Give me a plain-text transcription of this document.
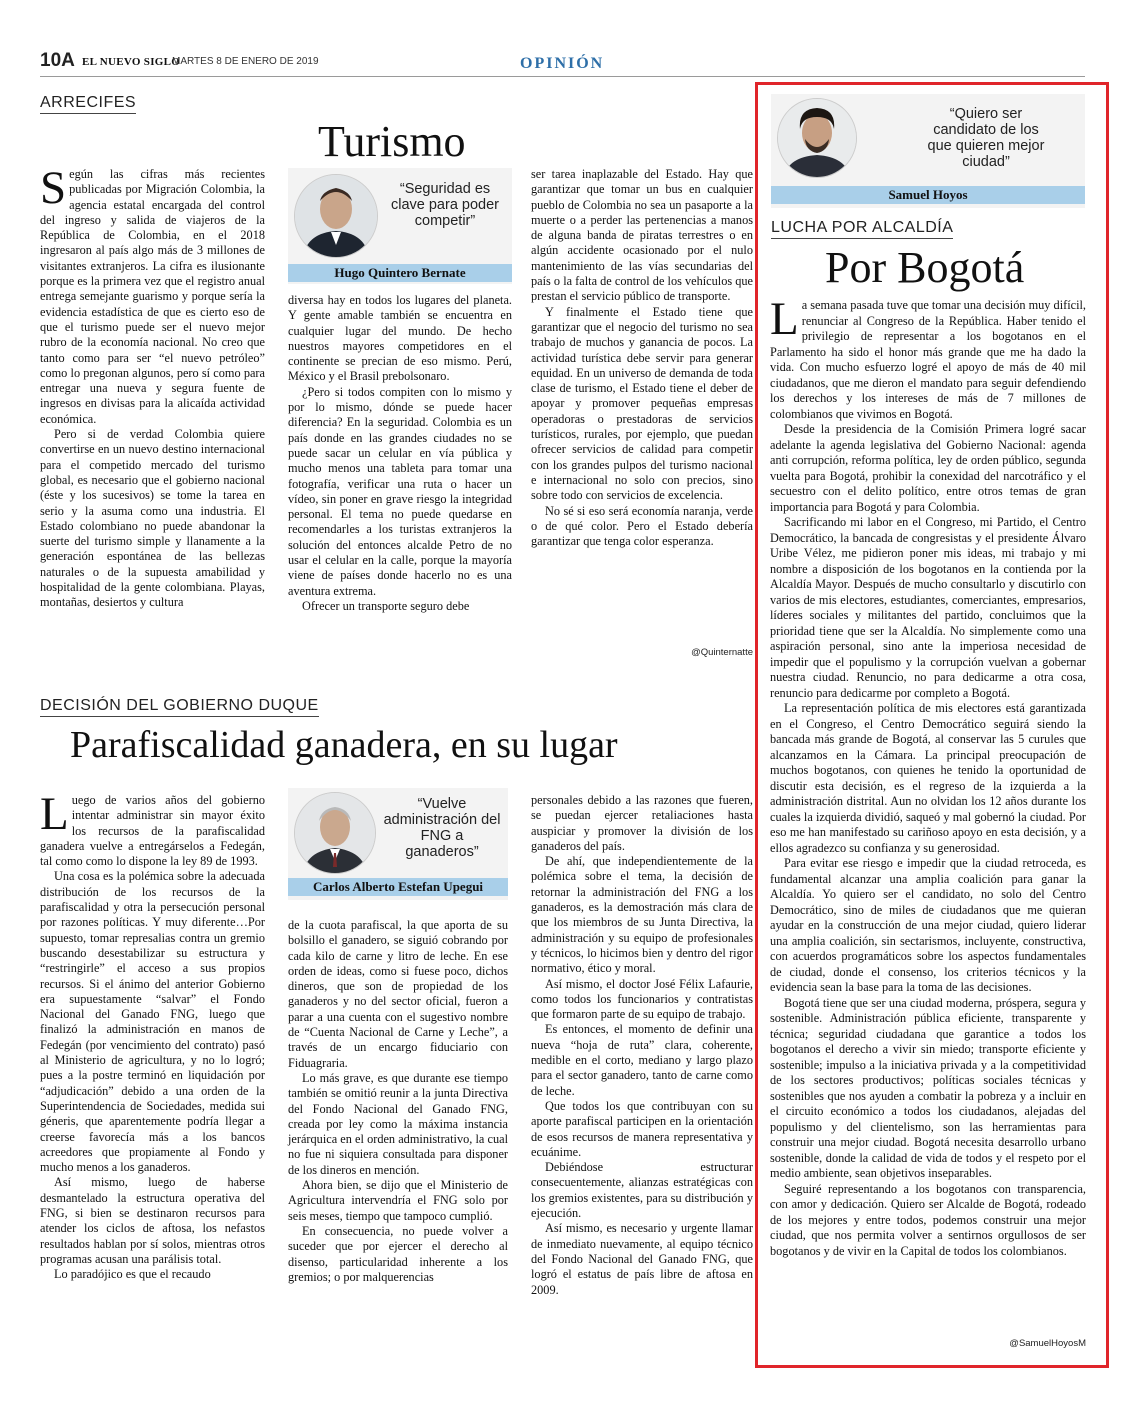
10A EL NUEVO SIGLO
MARTES 8 DE ENERO DE 2019	OPINIÓN
ARRECIFES
Turismo
“Seguridad es clave para poder competir”
Hugo Quintero Bernate

Según las cifras más recientes publicadas por Migración Colombia, la agencia estatal encargada del control del ingreso y salida de viajeros de la República de Colombia, en el 2018 ingresaron al país algo más de 3 millones de visitantes extranjeros. La cifra es ilusionante porque es la primera vez que el registro anual entrega semejante guarismo y porque sería la evidencia estadística de que es cierto eso de que el turismo puede ser el nuevo mejor rubro de la economía nacional. No creo que tanto como para ser “el nuevo petróleo” como lo pregonan algunos, pero sí como para entregar una nueva y segura fuente de ingresos en divisas para la alicaída actividad económica.

Pero si de verdad Colombia quiere convertirse en un nuevo destino internacional para el competido mercado del turismo global, es necesario que el gobierno nacional (éste y los sucesivos) se tome la tarea en serio y la asuma como una industria. El Estado colombiano no puede abandonar la suerte del turismo simple y llanamente a la generación espontánea de las bellezas naturales o de la supuesta amabilidad y hospitalidad de la gente colombiana. Playas, montañas, desiertos y cultura

diversa hay en todos los lugares del planeta. Y gente amable también se encuentra en cualquier lugar del mundo. De hecho nuestros mayores competidores en el continente se precian de eso mismo. Perú, México y el Brasil prebolsonaro.

¿Pero si todos compiten con lo mismo y por lo mismo, dónde se puede hacer diferencia? En la seguridad. Colombia es un país donde en las grandes ciudades no se puede sacar un celular en vía pública y mucho menos una tableta para tomar una fotografía, verificar una ruta o hacer un vídeo, sin poner en grave riesgo la integridad personal. El tema no puede quedarse en recomendarles a los turistas extranjeros la solución del entonces alcalde Petro de no usar el celular en la calle, porque la mayoría viene de países donde hacerlo no es una aventura extrema.

Ofrecer un transporte seguro debe

ser tarea inaplazable del Estado. Hay que garantizar que tomar un bus en cualquier pueblo de Colombia no sea un pasaporte a la muerte o a perder las pertenencias a manos de alguna banda de piratas terrestres o en algún accidente ocasionado por el nulo mantenimiento de las vías secundarias del país o la falta de control de los vehículos que prestan el servicio público de transporte.

Y finalmente el Estado tiene que garantizar que el negocio del turismo no sea trabajo de muchos y ganancia de pocos. La actividad turística debe servir para generar equidad. En un universo de demanda de toda clase de turismo, el Estado tiene el deber de apoyar y promover pequeñas empresas operadoras o prestadoras de servicios turísticos, rurales, por ejemplo, que puedan ofrecer servicios de calidad para competir con los grandes pulpos del turismo nacional e internacional no solo con precios, sino sobre todo con servicios de excelencia.

No sé si eso será economía naranja, verde o de qué color. Pero el Estado debería garantizar que tenga color esperanza.

@Quinternatte
DECISIÓN DEL GOBIERNO DUQUE
Parafiscalidad ganadera, en su lugar
“Vuelve administración del FNG a ganaderos”
Carlos Alberto Estefan Upegui

Luego de varios años del gobierno intentar administrar sin mayor éxito los recursos de la parafiscalidad ganadera vuelve a entregárselos a Fedegán, tal como como lo dispone la ley 89 de 1993.

Una cosa es la polémica sobre la adecuada distribución de los recursos de la parafiscalidad y otra la persecución personal por razones políticas. Y muy diferente…Por supuesto, tomar represalias contra un gremio buscando desestabilizar su estructura y “restringirle” el acceso a sus propios recursos. Si el ánimo del anterior Gobierno era supuestamente “salvar” el Fondo Nacional del Ganado FNG, luego que finalizó la administración en manos de Fedegán (por vencimiento del contrato) pasó al Ministerio de agricultura, y no lo logró; pues a la postre terminó en liquidación por “adjudicación” debido a una orden de la Superintendencia de Sociedades, medida sui géneris, que aparentemente podría llegar a creerse favorecía más a los bancos acreedores que propiamente al Fondo y mucho menos a los ganaderos.

Así mismo, luego de haberse desmantelado la estructura operativa del FNG, si bien se destinaron recursos para atender los ciclos de aftosa, los nefastos resultados hablan por sí solos, mientras otros programas acusan una parálisis total.

Lo paradójico es que el recaudo

de la cuota parafiscal, la que aporta de su bolsillo el ganadero, se siguió cobrando por cada kilo de carne y litro de leche. En ese orden de ideas, como si fuese poco, dichos dineros, que son de propiedad de los ganaderos y no del sector oficial, fueron a parar a una cuenta con el sugestivo nombre de “Cuenta Nacional de Carne y Leche”, a través de un encargo fiduciario con Fiduagraria.

Lo más grave, es que durante ese tiempo también se omitió reunir a la junta Directiva del Fondo Nacional del Ganado FNG, creada por ley como la máxima instancia jerárquica en el orden administrativo, la cual no fue ni siquiera consultada para disponer de los dineros en mención.

Ahora bien, se dijo que el Ministerio de Agricultura intervendría el FNG solo por seis meses, tiempo que tampoco cumplió.

En consecuencia, no puede volver a suceder que por ejercer el derecho al disenso, particularidad inherente a los gremios; o por malquerencias

personales debido a las razones que fueren, se puedan ejercer retaliaciones hasta auspiciar y promover la división de los ganaderos del país.

De ahí, que independientemente de la polémica sobre el tema, la decisión de retornar la administración del FNG a los ganaderos, es la demostración más clara de que los miembros de su Junta Directiva, la administración y su equipo de profesionales y técnicos, lo hicimos bien y dentro del rigor normativo, ético y moral.

Así mismo, el doctor José Félix Lafaurie, como todos los funcionarios y contratistas que formaron parte de su equipo de trabajo.

Es entonces, el momento de definir una nueva “hoja de ruta” clara, coherente, medible en el corto, mediano y largo plazo para el sector ganadero, tanto de carne como de leche.

Que todos los que contribuyan con su aporte parafiscal participen en la orientación de esos recursos de manera representativa y ecuánime.

Debiéndose estructurar consecuentemente, alianzas estratégicas con los gremios existentes, para su distribución y ejecución.

Así mismo, es necesario y urgente llamar de inmediato nuevamente, al equipo técnico del Fondo Nacional del Ganado FNG, que logró el estatus de país libre de aftosa en 2009.

“Quiero ser candidato de los que quieren mejor ciudad”
Samuel Hoyos
LUCHA POR ALCALDÍA
Por Bogotá

La semana pasada tuve que tomar una decisión muy difícil, renunciar al Congreso de la República. Haber tenido el privilegio de representar a los bogotanos en el Parlamento ha sido el honor más grande que me ha dado la vida. Con mucho esfuerzo logré el apoyo de más de 40 mil ciudadanos, que me dieron el mandato para seguir defendiendo los derechos y los intereses de más de 7 millones de colombianos que vivimos en Bogotá.

Desde la presidencia de la Comisión Primera logré sacar adelante la agenda legislativa del Gobierno Nacional: agenda anti corrupción, reforma política, ley de orden público, segunda vuelta para Bogotá, prohibir la conexidad del narcotráfico y el secuestro con el delito político, entre otros temas de gran importancia para Bogotá y para Colombia.

Sacrificando mi labor en el Congreso, mi Partido, el Centro Democrático, la bancada de congresistas y el presidente Álvaro Uribe Vélez, me pidieron poner mis ideas, mi trabajo y mi nombre a disposición de los bogotanos en la contienda por la Alcaldía Mayor. Después de mucho consultarlo y discutirlo con varios de mis electores, estudiantes, comerciantes, empresarios, líderes sociales y militantes del partido, concluimos que la prioridad tiene que ser la Alcaldía. No simplemente como una aspiración personal, sino ante la imperiosa necesidad de impedir que el populismo y la corrupción vuelvan a gobernar nuestra ciudad. Renuncio, no para dedicarme a otra cosa, renuncio para dedicarme por completo a Bogotá.

La representación política de mis electores está garantizada en el Congreso, el Centro Democrático seguirá siendo la bancada más grande de Bogotá, al conservar las 5 curules que alcanzamos en la Cámara. La principal preocupación de muchos bogotanos, con quienes he tenido la oportunidad de discutir esta decisión, es el regreso de la izquierda a la administración distrital. Aun no olvidan los 12 años durante los cuales la izquierda dividió, saqueó y mal gobernó la ciudad. Por eso me han manifestado su cariñoso apoyo en esta decisión, y a ellos agradezco su confianza y su generosidad.

Para evitar ese riesgo e impedir que la ciudad retroceda, es fundamental alcanzar una amplia coalición para ganar la Alcaldía. Yo quiero ser el candidato, no solo del Centro Democrático, sino de miles de ciudadanos que me quieran ayudar en la construcción de una mejor ciudad, quiero liderar una amplia coalición, sin sectarismos, incluyente, constructiva, con acuerdos programáticos sobre los aspectos fundamentales de ciudad, donde el consenso, los criterios técnicos y la evidencia sean la base para la toma de las decisiones.

Bogotá tiene que ser una ciudad moderna, próspera, segura y sostenible. Administración pública eficiente, transparente y técnica; seguridad ciudadana que garantice a todos los bogotanos el derecho a vivir sin miedo; transporte eficiente y sostenible; impulso a la iniciativa privada y a la competitividad de los sectores productivos; políticas sociales técnicas y sostenibles que nos ayuden a combatir la pobreza y a incluir en el circuito económico a todos los ciudadanos, alejadas del populismo y del clientelismo, son las herramientas para construir una mejor ciudad. Bogotá necesita desarrollo urbano sostenible, donde la calidad de vida de todos y el respeto por el medio ambiente, sean objetivos inseparables.

Seguiré representando a los bogotanos con transparencia, con amor y dedicación. Quiero ser Alcalde de Bogotá, rodeado de los mejores y entre todos, podemos construir una mejor ciudad, que nos permita volver a sentirnos orgullosos de ser bogotanos y de vivir en la Capital de todos los colombianos.

@SamuelHoyosM
